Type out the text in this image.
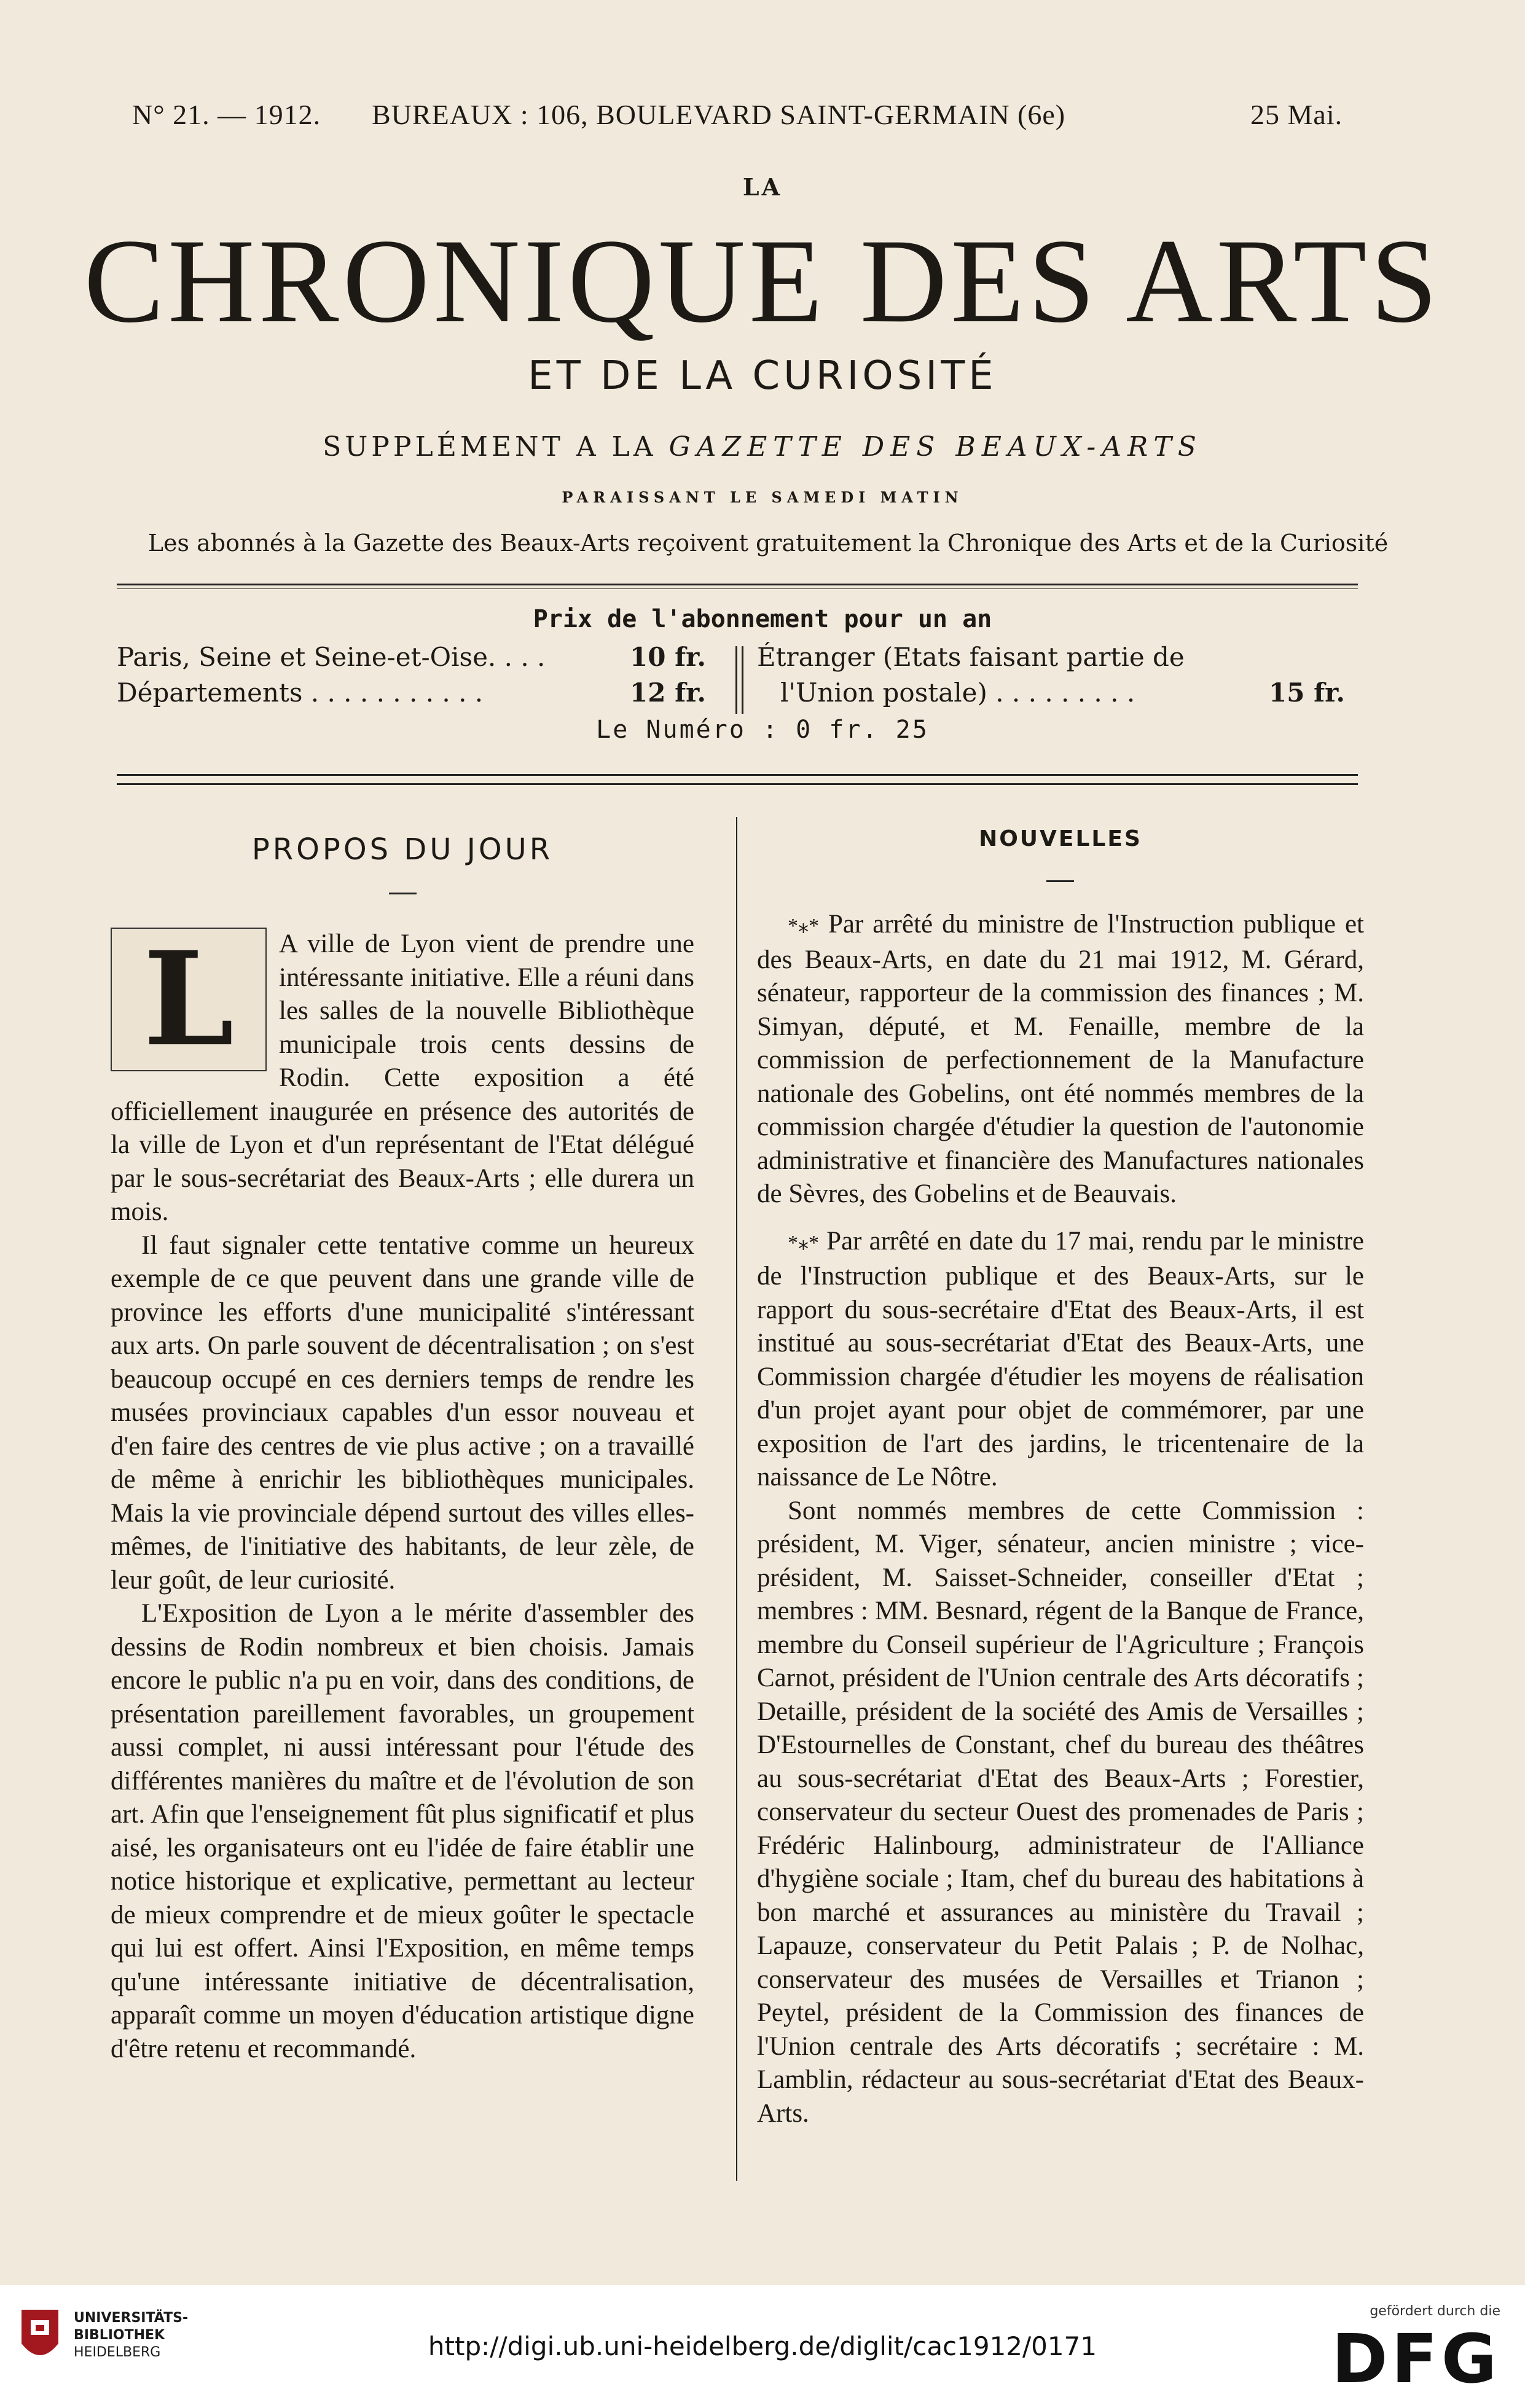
N° 21. — 1912. BUREAUX : 106, BOULEVARD SAINT-GERMAIN (6e)	25 Mai.
LA
CHRONIQUE DES ARTS
ET DE LA CURIOSITÉ
SUPPLÉMENT A LA GAZETTE DES BEAUX-ARTS
PARAISSANT LE SAMEDI MATIN
Les abonnés à la Gazette des Beaux-Arts reçoivent gratuitement la Chronique des Arts et de la Curiosité
Prix de l'abonnement pour un an
Paris, Seine et Seine-et-Oise. . . .	10 fr.
Départements . . . . . . . . . . .	12 fr.
Étranger (Etats faisant partie de
l'Union postale) . . . . . . . . .	15 fr.
Le Numéro : 0 fr. 25
PROPOS DU JOUR
L	A ville de Lyon vient de prendre une intéressante initiative. Elle a réuni dans les salles de la nouvelle Bibliothèque municipale trois cents dessins de Rodin. Cette exposition a été officiellement inaugurée en présence des autorités de la ville de Lyon et d'un représentant de l'Etat délégué par le sous-secrétariat des Beaux-Arts ; elle durera un mois.

Il faut signaler cette tentative comme un heureux exemple de ce que peuvent dans une grande ville de province les efforts d'une municipalité s'intéressant aux arts. On parle souvent de décentralisation ; on s'est beaucoup occupé en ces derniers temps de rendre les musées provinciaux capables d'un essor nouveau et d'en faire des centres de vie plus active ; on a travaillé de même à enrichir les bibliothèques municipales. Mais la vie provinciale dépend surtout des villes elles-mêmes, de l'initiative des habitants, de leur zèle, de leur goût, de leur curiosité.

L'Exposition de Lyon a le mérite d'assembler des dessins de Rodin nombreux et bien choisis. Jamais encore le public n'a pu en voir, dans des conditions, de présentation pareillement favorables, un groupement aussi complet, ni aussi intéressant pour l'étude des différentes manières du maître et de l'évolution de son art. Afin que l'enseignement fût plus significatif et plus aisé, les organisateurs ont eu l'idée de faire établir une notice historique et explicative, permettant au lecteur de mieux comprendre et de mieux goûter le spectacle qui lui est offert. Ainsi l'Exposition, en même temps qu'une intéressante initiative de décentralisation, apparaît comme un moyen d'éducation artistique digne d'être retenu et recommandé.

NOUVELLES

*⁎* Par arrêté du ministre de l'Instruction publique et des Beaux-Arts, en date du 21 mai 1912, M. Gérard, sénateur, rapporteur de la commission des finances ; M. Simyan, député, et M. Fenaille, membre de la commission de perfectionnement de la Manufacture nationale des Gobelins, ont été nommés membres de la commission chargée d'étudier la question de l'autonomie administrative et financière des Manufactures nationales de Sèvres, des Gobelins et de Beauvais.

*⁎* Par arrêté en date du 17 mai, rendu par le ministre de l'Instruction publique et des Beaux-Arts, sur le rapport du sous-secrétaire d'Etat des Beaux-Arts, il est institué au sous-secrétariat d'Etat des Beaux-Arts, une Commission chargée d'étudier les moyens de réalisation d'un projet ayant pour objet de commémorer, par une exposition de l'art des jardins, le tricentenaire de la naissance de Le Nôtre.

Sont nommés membres de cette Commission : président, M. Viger, sénateur, ancien ministre ; vice-président, M. Saisset-Schneider, conseiller d'Etat ; membres : MM. Besnard, régent de la Banque de France, membre du Conseil supérieur de l'Agriculture ; François Carnot, président de l'Union centrale des Arts décoratifs ; Detaille, président de la société des Amis de Versailles ; D'Estournelles de Constant, chef du bureau des théâtres au sous-secrétariat d'Etat des Beaux-Arts ; Forestier, conservateur du secteur Ouest des promenades de Paris ; Frédéric Halinbourg, administrateur de l'Alliance d'hygiène sociale ; Itam, chef du bureau des habitations à bon marché et assurances au ministère du Travail ; Lapauze, conservateur du Petit Palais ; P. de Nolhac, conservateur des musées de Versailles et Trianon ; Peytel, président de la Commission des finances de l'Union centrale des Arts décoratifs ; secrétaire : M. Lamblin, rédacteur au sous-secrétariat d'Etat des Beaux-Arts.

UNIVERSITÄTS-
BIBLIOTHEK
HEIDELBERG	http://digi.ub.uni-heidelberg.de/diglit/cac1912/0171
gefördert durch die
DFG
